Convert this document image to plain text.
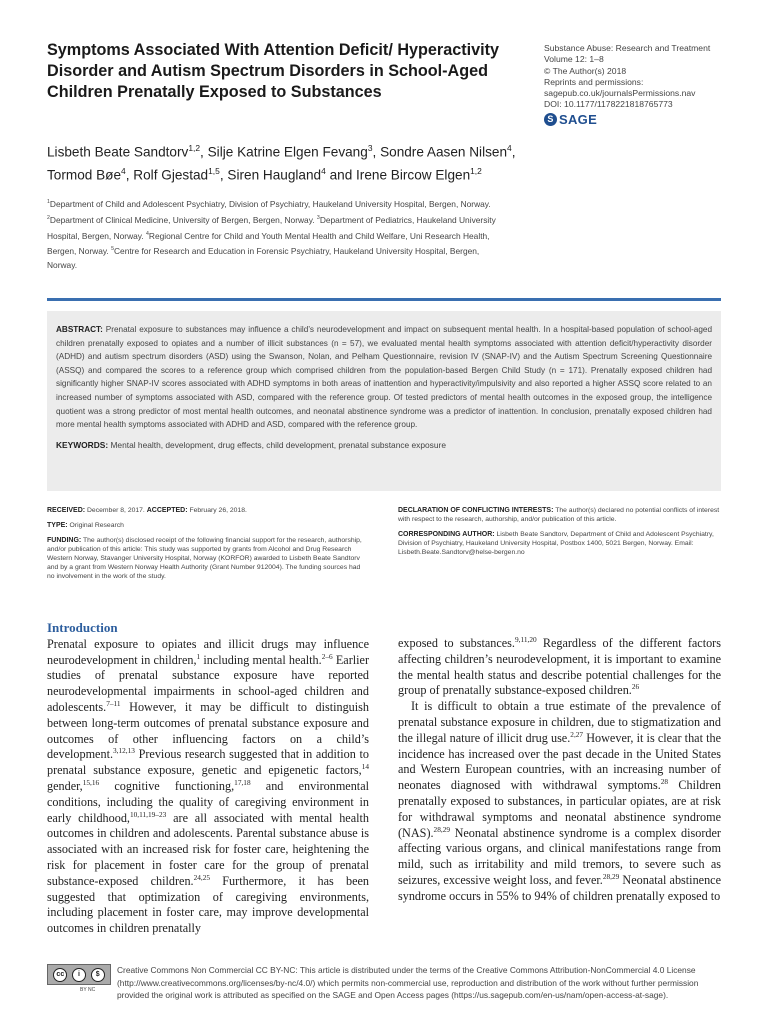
Symptoms Associated With Attention Deficit/ Hyperactivity Disorder and Autism Spectrum Disorders in School-Aged Children Prenatally Exposed to Substances
Substance Abuse: Research and Treatment
Volume 12: 1–8
© The Author(s) 2018
Reprints and permissions:
sagepub.co.uk/journalsPermissions.nav
DOI: 10.1177/1178221818765773
S SAGE
Lisbeth Beate Sandtorv$^{1,2}$, Silje Katrine Elgen Fevang$^3$, Sondre Aasen Nilsen$^4$, Tormod Bøe$^4$, Rolf Gjestad$^{1,5}$, Siren Haugland$^4$ and Irene Bircow Elgen$^{1,2}$
$^1$Department of Child and Adolescent Psychiatry, Division of Psychiatry, Haukeland University Hospital, Bergen, Norway. $^2$Department of Clinical Medicine, University of Bergen, Bergen, Norway. $^3$Department of Pediatrics, Haukeland University Hospital, Bergen, Norway. $^4$Regional Centre for Child and Youth Mental Health and Child Welfare, Uni Research Health, Bergen, Norway. $^5$Centre for Research and Education in Forensic Psychiatry, Haukeland University Hospital, Bergen, Norway.
ABSTRACT: Prenatal exposure to substances may influence a child’s neurodevelopment and impact on subsequent mental health. In a hospital-based population of school-aged children prenatally exposed to opiates and a number of illicit substances (n = 57), we evaluated mental health symptoms associated with attention deficit/hyperactivity disorder (ADHD) and autism spectrum disorders (ASD) using the Swanson, Nolan, and Pelham Questionnaire, revision IV (SNAP-IV) and the Autism Spectrum Screening Questionnaire (ASSQ) and compared the scores to a reference group which comprised children from the population-based Bergen Child Study (n = 171). Prenatally exposed children had significantly higher SNAP-IV scores associated with ADHD symptoms in both areas of inattention and hyperactivity/impulsivity and also reported a higher ASSQ score related to an increased number of symptoms associated with ASD, compared with the reference group. Of tested predictors of mental health outcomes in the exposed group, the intelligence quotient was a strong predictor of most mental health outcomes, and neonatal abstinence syndrome was a predictor of inattention. In conclusion, prenatally exposed children had more mental health symptoms associated with ADHD and ASD, compared with the reference group.
KEYWORDS: Mental health, development, drug effects, child development, prenatal substance exposure
RECEIVED: December 8, 2017. ACCEPTED: February 26, 2018.
TYPE: Original Research
FUNDING: The author(s) disclosed receipt of the following financial support for the research, authorship, and/or publication of this article: This study was supported by grants from Alcohol and Drug Research Western Norway, Stavanger University Hospital, Norway (KORFOR) awarded to Lisbeth Beate Sandtorv and by a grant from Western Norway Health Authority (Grant Number 912004). The funding sources had no involvement in the work of the study.
DECLARATION OF CONFLICTING INTERESTS: The author(s) declared no potential conflicts of interest with respect to the research, authorship, and/or publication of this article.
CORRESPONDING AUTHOR: Lisbeth Beate Sandtorv, Department of Child and Adolescent Psychiatry, Division of Psychiatry, Haukeland University Hospital, Postbox 1400, 5021 Bergen, Norway. Email: Lisbeth.Beate.Sandtorv@helse-bergen.no
Introduction

Prenatal exposure to opiates and illicit drugs may influence neurodevelopment in children,$^1$ including mental health.$^{2-6}$ Earlier studies of prenatal substance exposure have reported neurodevelopmental impairments in school-aged children and adolescents.$^{7-11}$ However, it may be difficult to distinguish between long-term outcomes of prenatal substance exposure and outcomes of other influencing factors on a child’s development.$^{3,12,13}$ Previous research suggested that in addition to prenatal substance exposure, genetic and epigenetic factors,$^{14}$ gender,$^{15,16}$ cognitive functioning,$^{17,18}$ and environmental conditions, including the quality of caregiving environment in early childhood,$^{10,11,19-23}$ are all associated with mental health outcomes in children and adolescents. Parental substance abuse is associated with an increased risk for foster care, heightening the risk for placement in foster care for the group of prenatal substance-exposed children.$^{24,25}$ Furthermore, it has been suggested that optimization of caregiving environments, including placement in foster care, may improve developmental outcomes in children prenatally

exposed to substances.$^{9,11,20}$ Regardless of the different factors affecting children’s neurodevelopment, it is important to examine the mental health status and describe potential challenges for the group of prenatally substance-exposed children.$^{26}$

It is difficult to obtain a true estimate of the prevalence of prenatal substance exposure in children, due to stigmatization and the illegal nature of illicit drug use.$^{2,27}$ However, it is clear that the incidence has increased over the past decade in the United States and Western European countries, with an increasing number of neonates diagnosed with withdrawal symptoms.$^{28}$ Children prenatally exposed to substances, in particular opiates, are at risk for withdrawal symptoms and neonatal abstinence syndrome (NAS).$^{28,29}$ Neonatal abstinence syndrome is a complex disorder affecting various organs, and clinical manifestations range from mild, such as irritability and mild tremors, to severe such as seizures, excessive weight loss, and fever.$^{28,29}$ Neonatal abstinence syndrome occurs in 55% to 94% of children prenatally exposed to

cc	i	$
BY NC
Creative Commons Non Commercial CC BY-NC: This article is distributed under the terms of the Creative Commons Attribution-NonCommercial 4.0 License (http://www.creativecommons.org/licenses/by-nc/4.0/) which permits non-commercial use, reproduction and distribution of the work without further permission provided the original work is attributed as specified on the SAGE and Open Access pages (https://us.sagepub.com/en-us/nam/open-access-at-sage).
